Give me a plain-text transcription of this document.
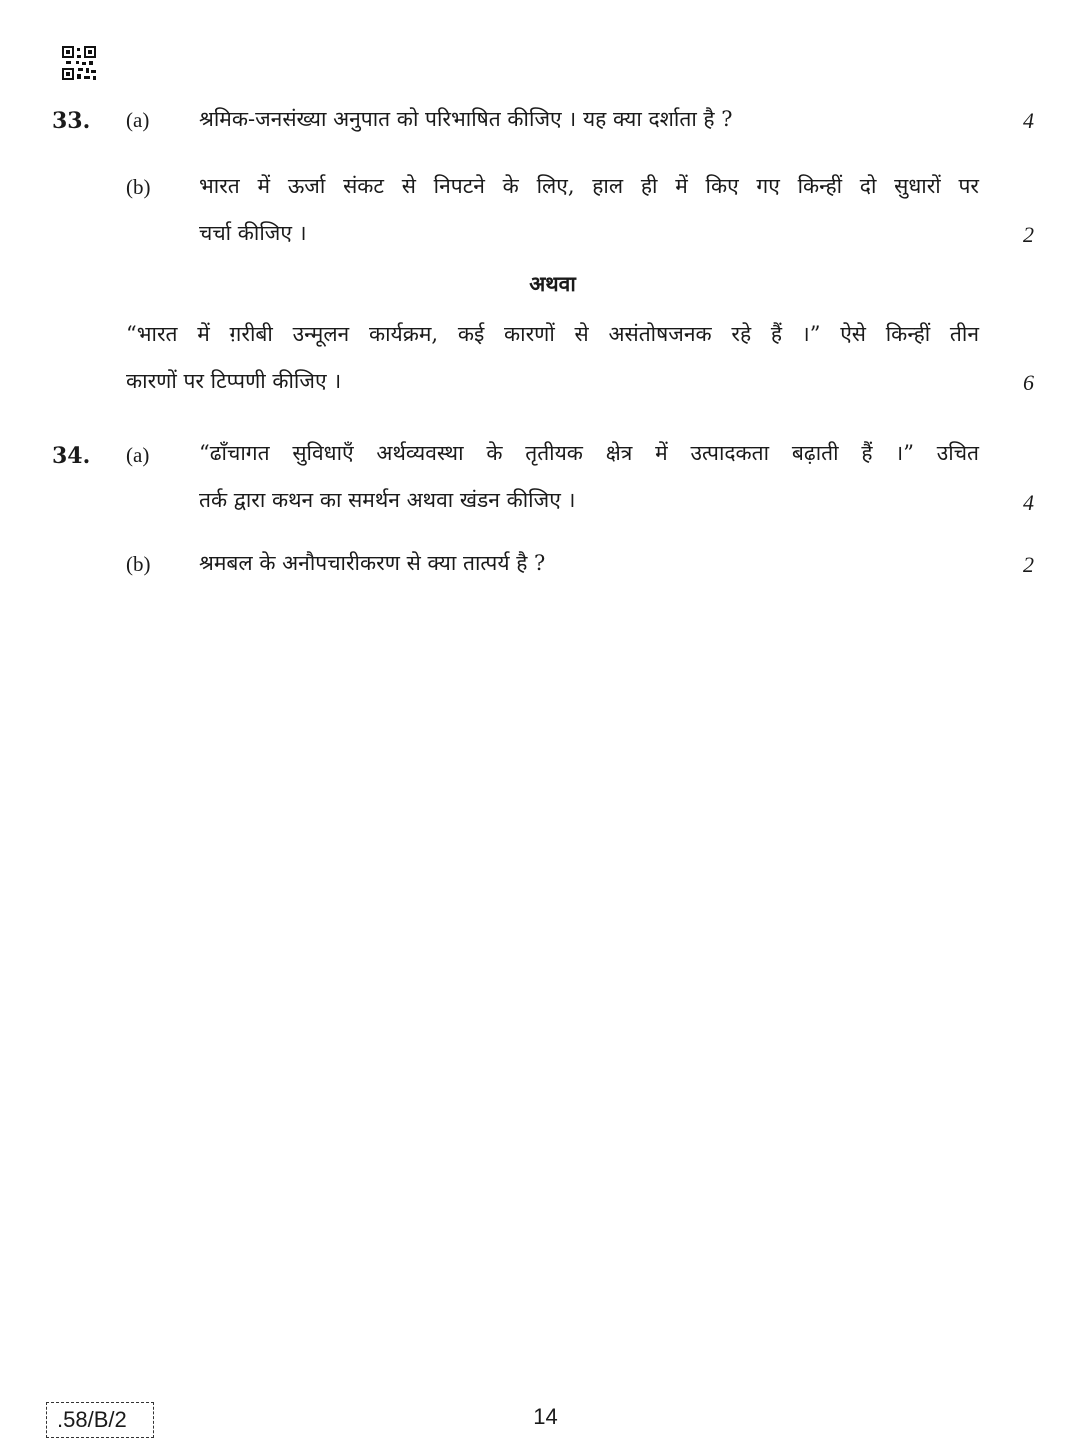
33. (a) श्रमिक-जनसंख्या अनुपात को परिभाषित कीजिए । यह क्या दर्शाता है ?	4
(b) भारत में ऊर्जा संकट से निपटने के लिए, हाल ही में किए गए किन्हीं दो सुधारों पर
चर्चा कीजिए ।	2
अथवा
“भारत में ग़रीबी उन्मूलन कार्यक्रम, कई कारणों से असंतोषजनक रहे हैं ।” ऐसे किन्हीं तीन
कारणों पर टिप्पणी कीजिए ।	6
34. (a) “ढाँचागत सुविधाएँ अर्थव्यवस्था के तृतीयक क्षेत्र में उत्पादकता बढ़ाती हैं ।” उचित
तर्क द्वारा कथन का समर्थन अथवा खंडन कीजिए ।	4
(b) श्रमबल के अनौपचारीकरण से क्या तात्पर्य है ?	2
.58/B/2	14
